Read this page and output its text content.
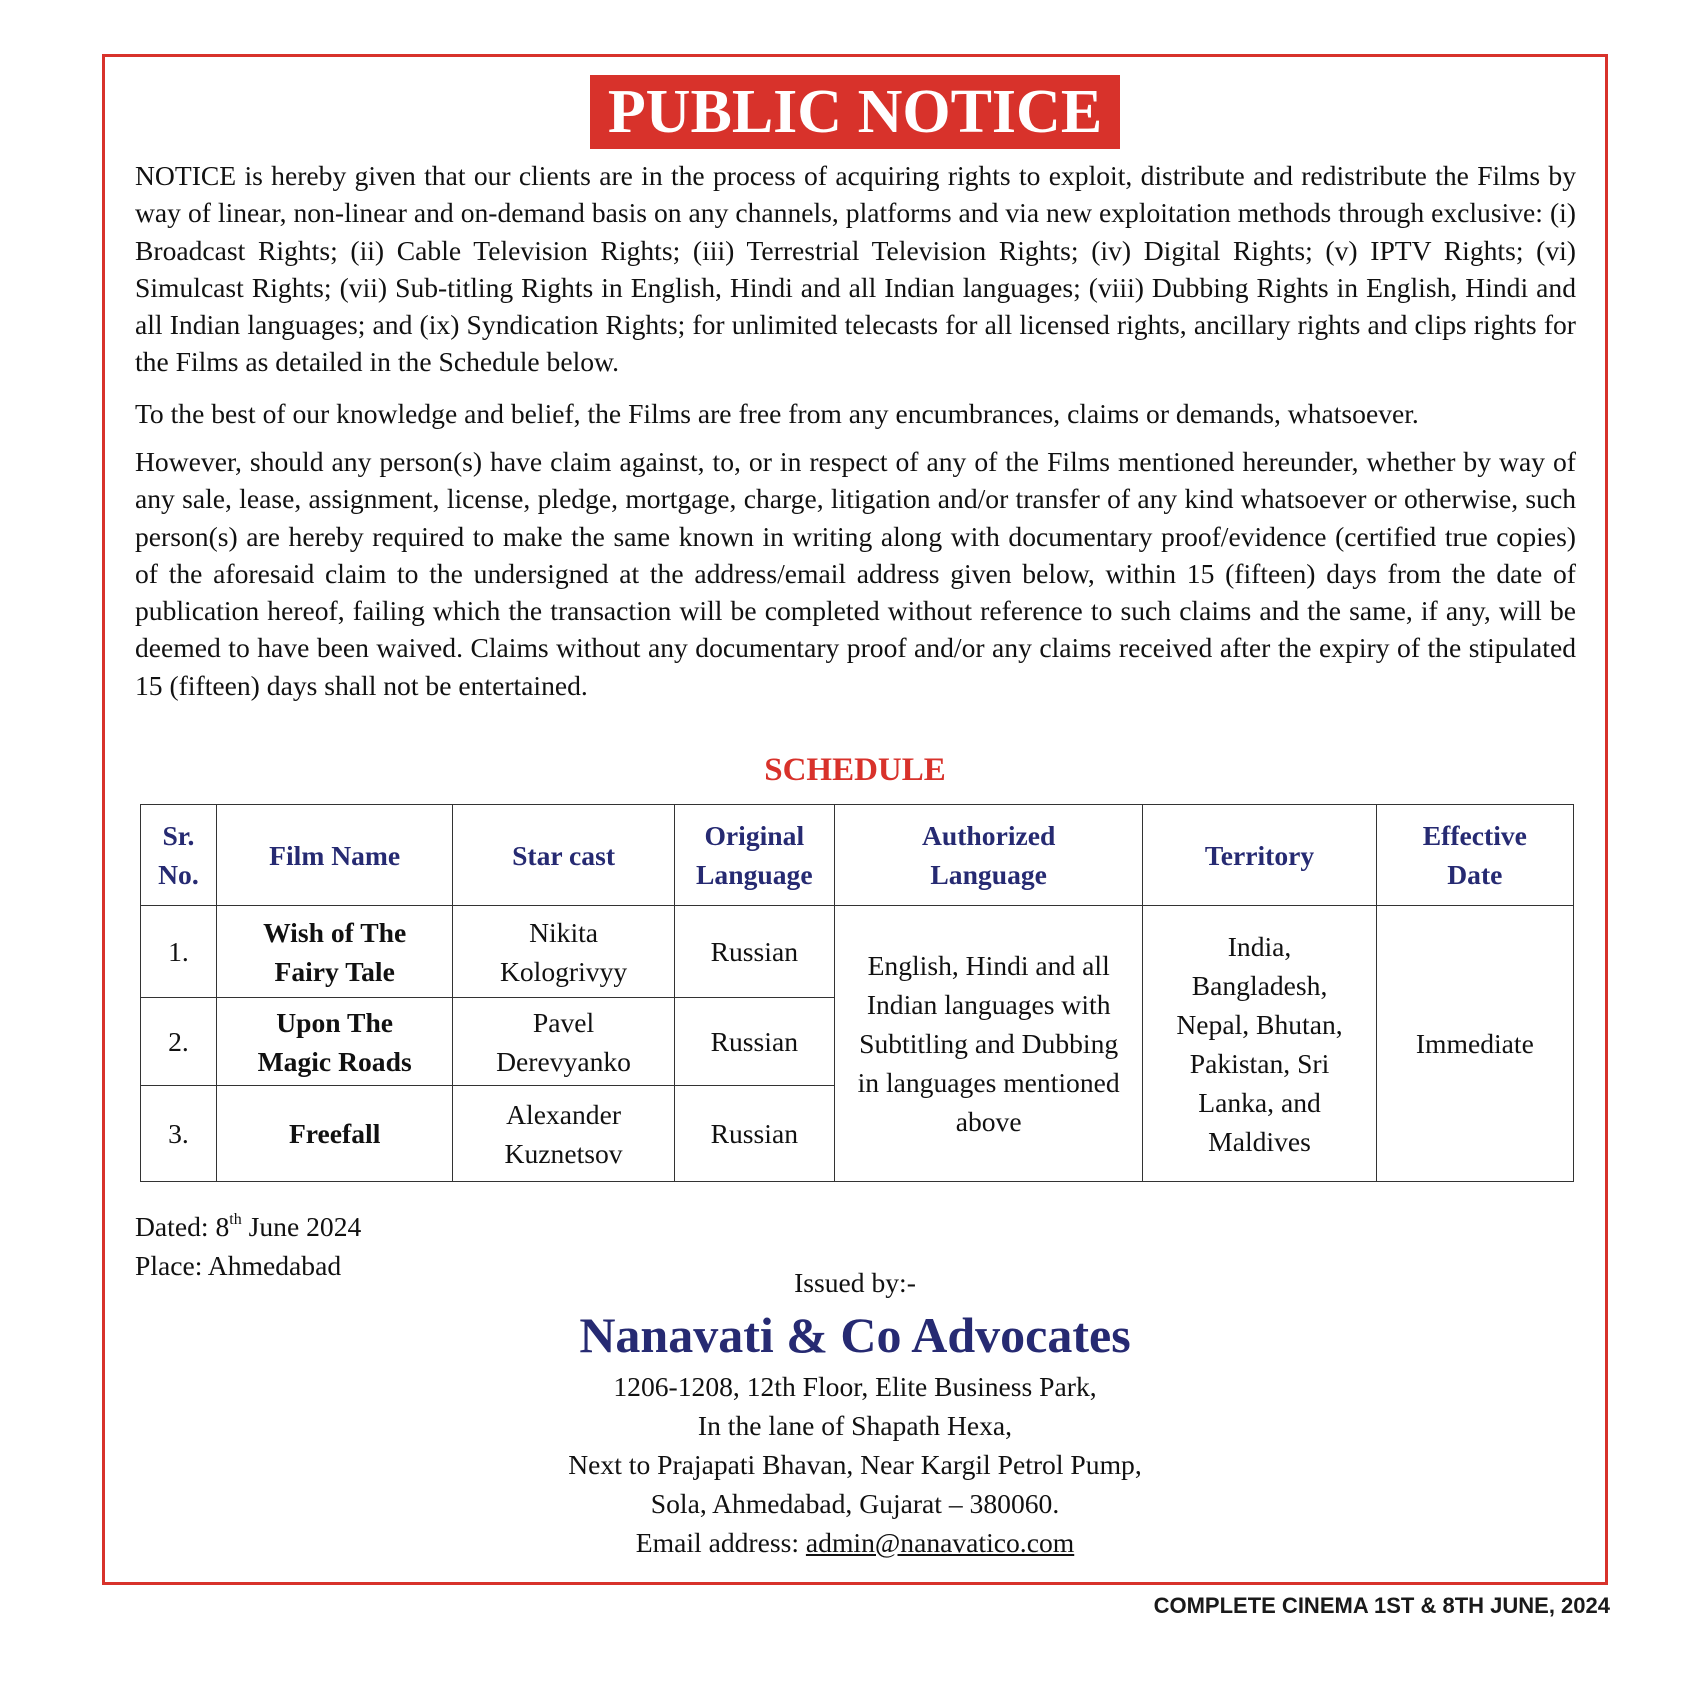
PUBLIC NOTICE
NOTICE is hereby given that our clients are in the process of acquiring rights to exploit, distribute and redistribute the Films by way of linear, non-linear and on-demand basis on any channels, platforms and via new exploitation methods through exclusive: (i) Broadcast Rights; (ii) Cable Television Rights; (iii) Terrestrial Television Rights; (iv) Digital Rights; (v) IPTV Rights; (vi) Simulcast Rights; (vii) Sub-titling Rights in English, Hindi and all Indian languages; (viii) Dubbing Rights in English, Hindi and all Indian languages; and (ix) Syndication Rights; for unlimited telecasts for all licensed rights, ancillary rights and clips rights for the Films as detailed in the Schedule below.
To the best of our knowledge and belief, the Films are free from any encumbrances, claims or demands, whatsoever.
However, should any person(s) have claim against, to, or in respect of any of the Films mentioned hereunder, whether by way of any sale, lease, assignment, license, pledge, mortgage, charge, litigation and/or transfer of any kind whatsoever or otherwise, such person(s) are hereby required to make the same known in writing along with documentary proof/evidence (certified true copies) of the aforesaid claim to the undersigned at the address/email address given below, within 15 (fifteen) days from the date of publication hereof, failing which the transaction will be completed without reference to such claims and the same, if any, will be deemed to have been waived. Claims without any documentary proof and/or any claims received after the expiry of the stipulated 15 (fifteen) days shall not be entertained.
SCHEDULE
Sr. No.	Film Name	Star cast	Original Language	Authorized Language	Territory	Effective Date
1.	Wish of The Fairy Tale	Nikita Kologrivyy	Russian	English, Hindi and all Indian languages with Subtitling and Dubbing in languages mentioned above	India, Bangladesh, Nepal, Bhutan, Pakistan, Sri Lanka, and Maldives	Immediate
2.	Upon The Magic Roads	Pavel Derevyanko	Russian			
3.	Freefall	Alexander Kuznetsov	Russian			
Dated: 8th June 2024
Place: Ahmedabad
Issued by:-
Nanavati & Co Advocates
1206-1208, 12th Floor, Elite Business Park,
In the lane of Shapath Hexa,
Next to Prajapati Bhavan, Near Kargil Petrol Pump,
Sola, Ahmedabad, Gujarat – 380060.
Email address: admin@nanavatico.com
COMPLETE CINEMA 1ST & 8TH JUNE, 2024
